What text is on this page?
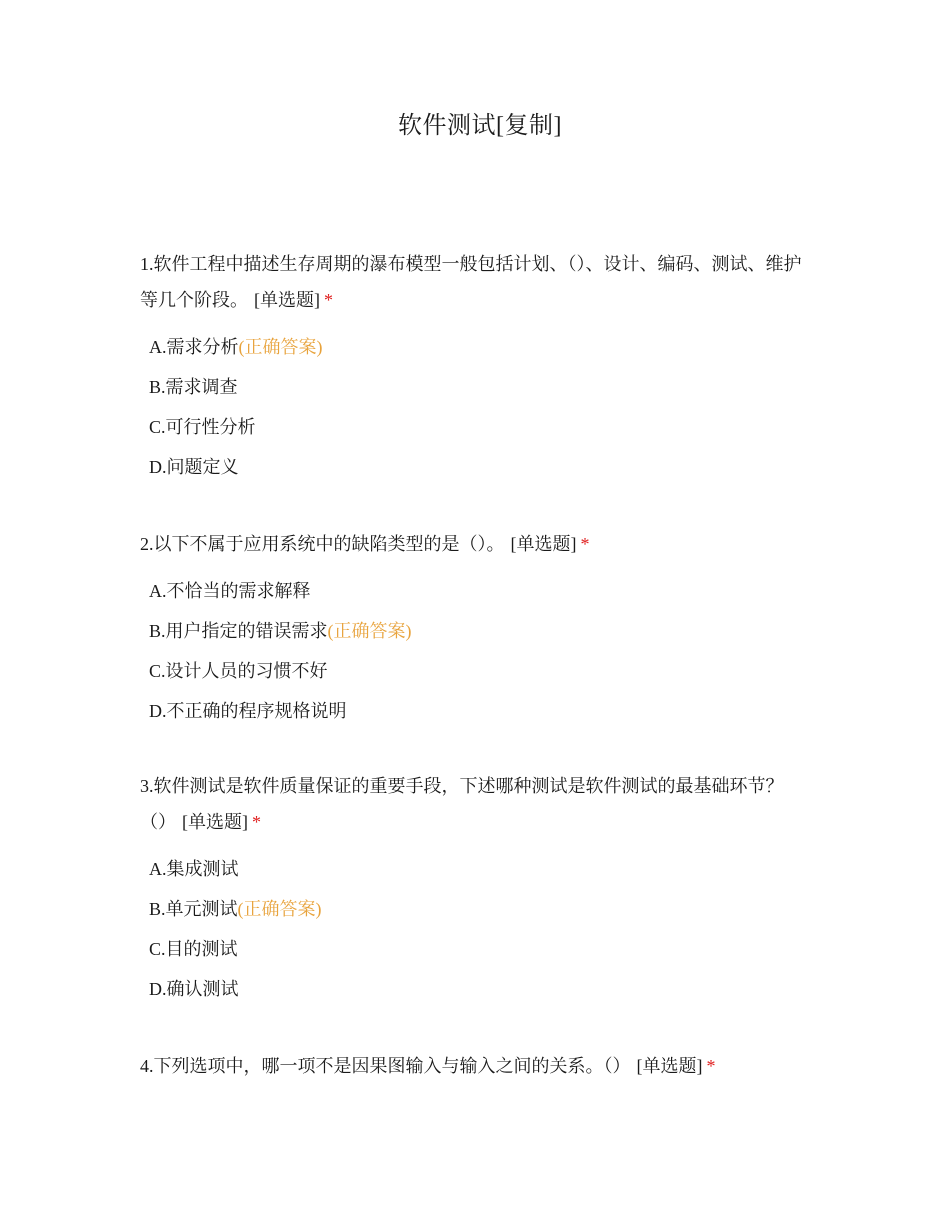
软件测试[复制]

1.软件工程中描述生存周期的瀑布模型一般包括计划、（）、设计、编码、测试、维护等几个阶段。 [单选题] *

A.需求分析(正确答案)
B.需求调查
C.可行性分析
D.问题定义

2.以下不属于应用系统中的缺陷类型的是（）。 [单选题] *

A.不恰当的需求解释
B.用户指定的错误需求(正确答案)
C.设计人员的习惯不好
D.不正确的程序规格说明

3.软件测试是软件质量保证的重要手段，下述哪种测试是软件测试的最基础环节？（） [单选题] *

A.集成测试
B.单元测试(正确答案)
C.目的测试
D.确认测试

4.下列选项中，哪一项不是因果图输入与输入之间的关系。（） [单选题] *
